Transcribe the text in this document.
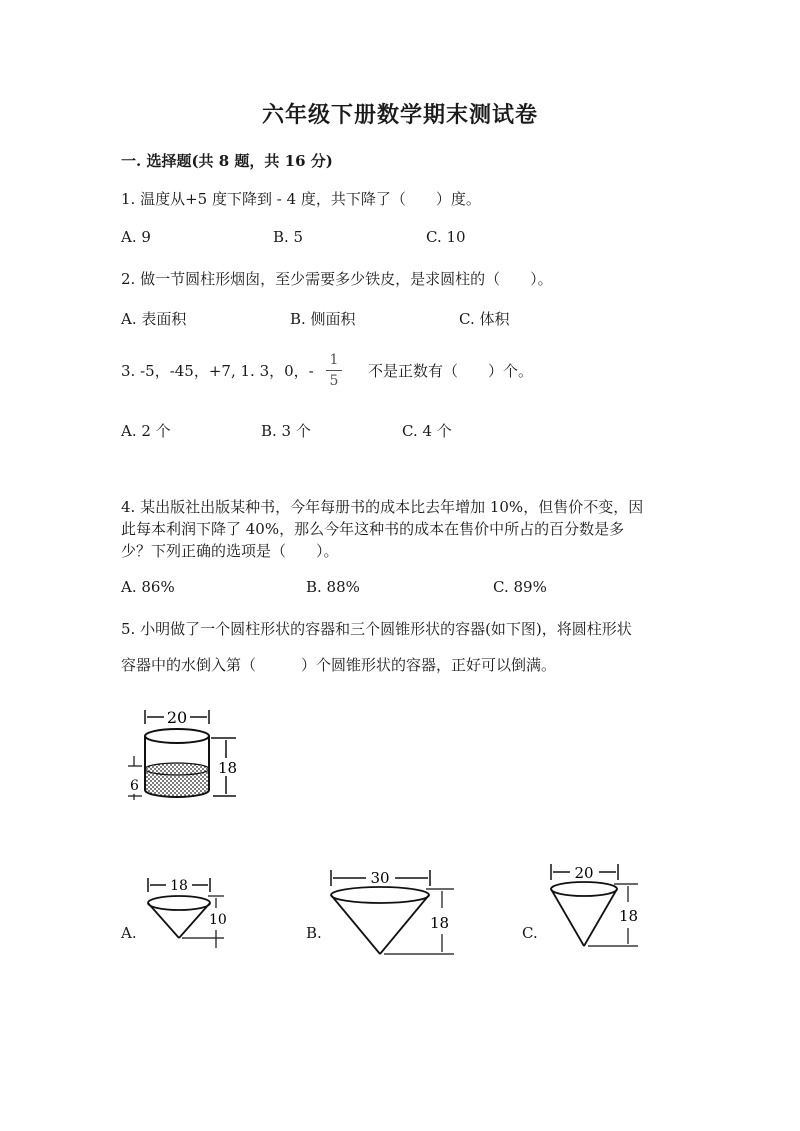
六年级下册数学期末测试卷
一. 选择题(共 8 题，共 16 分)
1. 温度从+5 度下降到 - 4 度，共下降了（　　）度。
A. 9	B. 5	C. 10
2. 做一节圆柱形烟囱，至少需要多少铁皮，是求圆柱的（　　）。
A. 表面积	B. 侧面积	C. 体积
3. -5，-45，+7, 1. 3，0，-
1
5
不是正数有（　　）个。
A. 2 个	B. 3 个	C. 4 个
4. 某出版社出版某种书，今年每册书的成本比去年增加 10%，但售价不变，因
此每本利润下降了 40%，那么今年这种书的成本在售价中所占的百分数是多
少？下列正确的选项是（　　）。
A. 86%	B. 88%	C. 89%
5. 小明做了一个圆柱形状的容器和三个圆锥形状的容器(如下图)，将圆柱形状
容器中的水倒入第（　　　）个圆锥形状的容器，正好可以倒满。
20
18
6
A.
18
10
B.
30
18
C.
20
18
